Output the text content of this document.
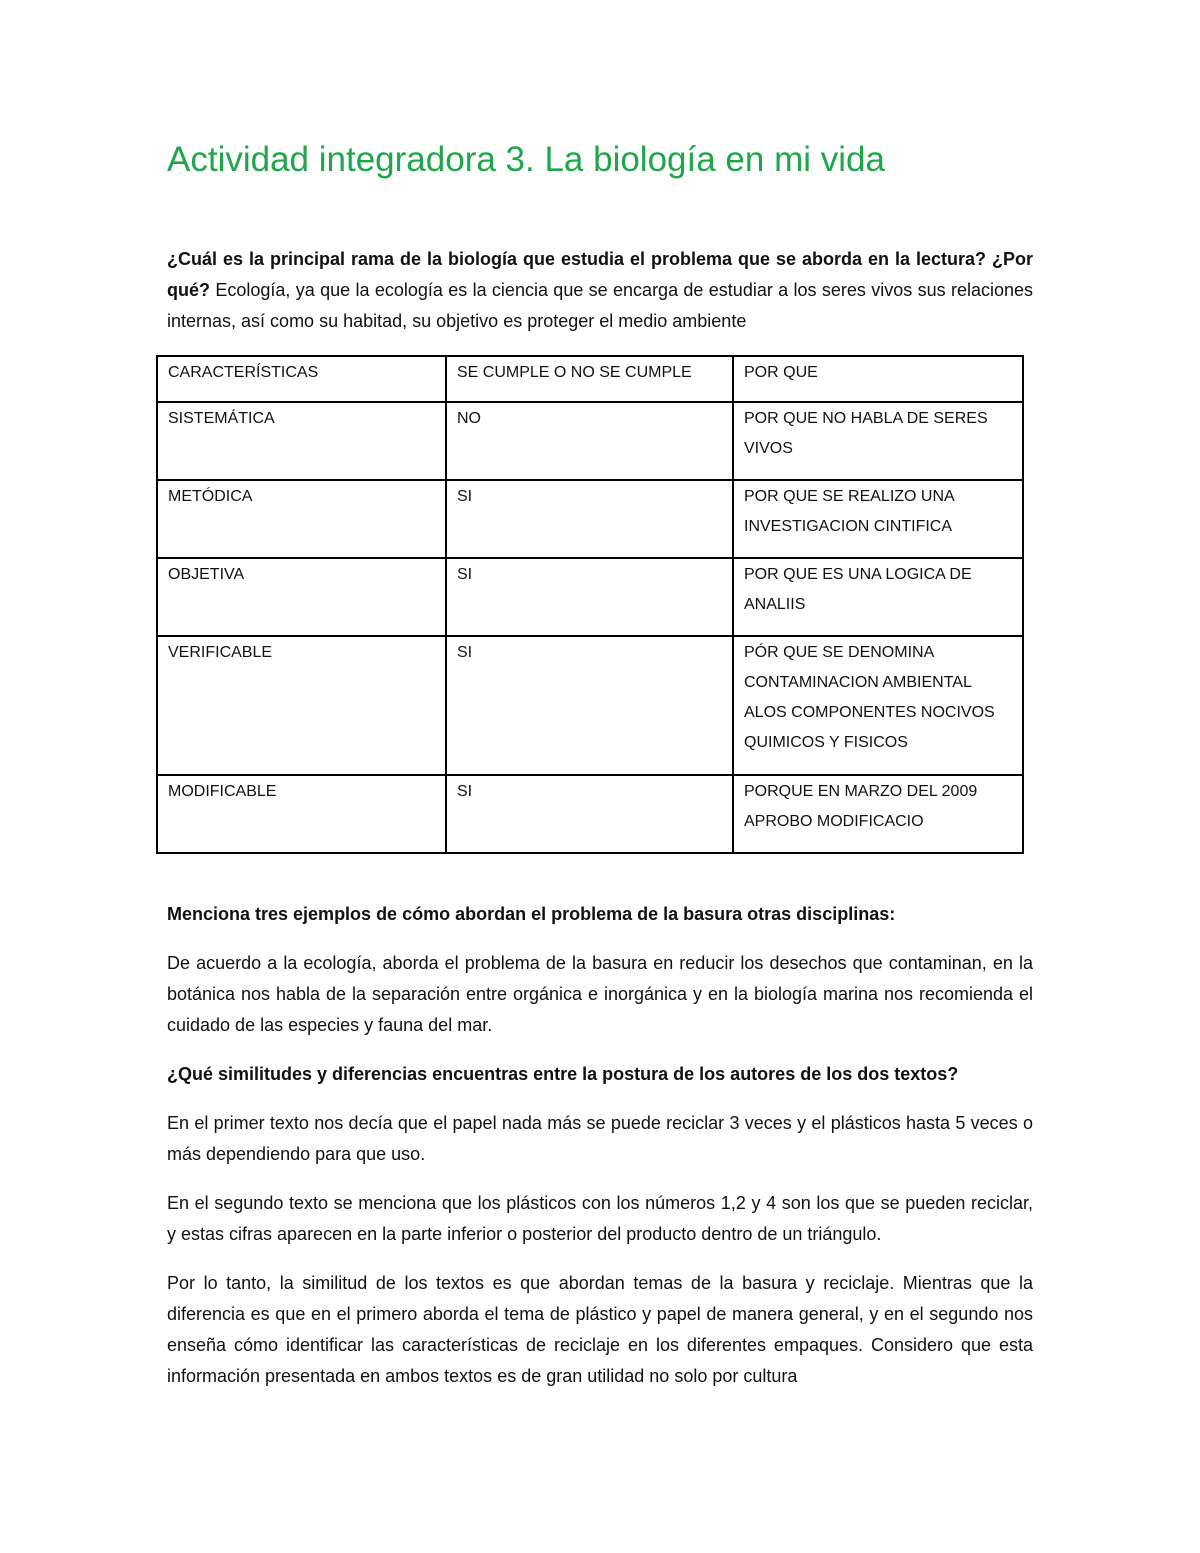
Actividad integradora 3. La biología en mi vida

¿Cuál es la principal rama de la biología que estudia el problema que se aborda en la lectura? ¿Por qué? Ecología, ya que la ecología es la ciencia que se encarga de estudiar a los seres vivos sus relaciones internas, así como su habitad, su objetivo es proteger el medio ambiente

CARACTERÍSTICAS	SE CUMPLE O NO SE CUMPLE	POR QUE
SISTEMÁTICA	NO	POR QUE NO HABLA DE SERES VIVOS
METÓDICA	SI	POR QUE SE REALIZO UNA INVESTIGACION CINTIFICA
OBJETIVA	SI	POR QUE ES UNA LOGICA DE ANALIIS
VERIFICABLE	SI	PÓR QUE SE DENOMINA CONTAMINACION AMBIENTAL ALOS COMPONENTES NOCIVOS QUIMICOS Y FISICOS
MODIFICABLE	SI	PORQUE EN MARZO DEL 2009 APROBO MODIFICACIO

Menciona tres ejemplos de cómo abordan el problema de la basura otras disciplinas:

De acuerdo a la ecología, aborda el problema de la basura en reducir los desechos que contaminan, en la botánica nos habla de la separación entre orgánica e inorgánica y en la biología marina nos recomienda el cuidado de las especies y fauna del mar.

¿Qué similitudes y diferencias encuentras entre la postura de los autores de los dos textos?

En el primer texto nos decía que el papel nada más se puede reciclar 3 veces y el plásticos hasta 5 veces o más dependiendo para que uso.

En el segundo texto se menciona que los plásticos con los números 1,2 y 4 son los que se pueden reciclar, y estas cifras aparecen en la parte inferior o posterior del producto dentro de un triángulo.

Por lo tanto, la similitud de los textos es que abordan temas de la basura y reciclaje. Mientras que la diferencia es que en el primero aborda el tema de plástico y papel de manera general, y en el segundo nos enseña cómo identificar las características de reciclaje en los diferentes empaques. Considero que esta información presentada en ambos textos es de gran utilidad no solo por cultura
